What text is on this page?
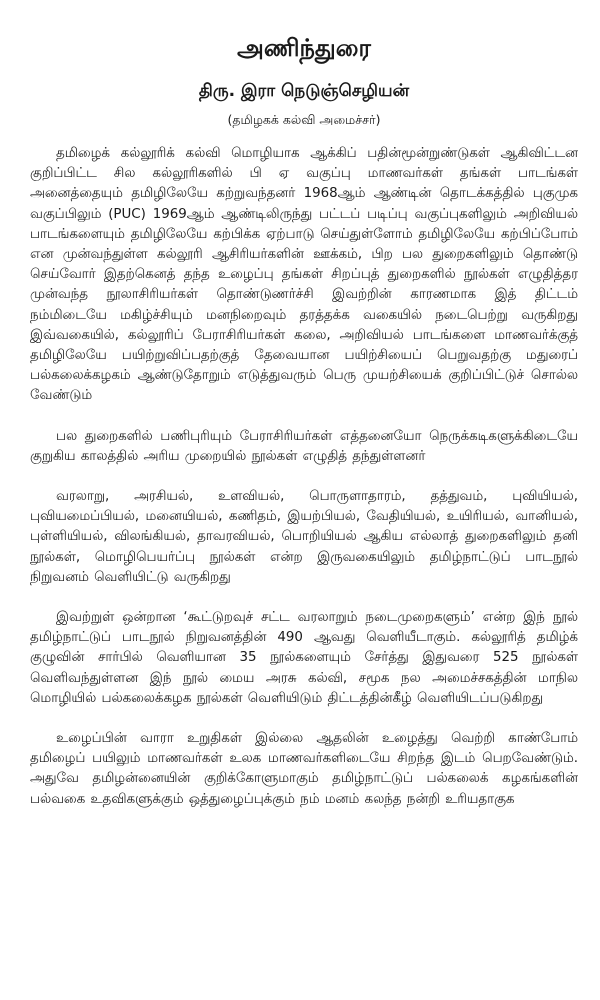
அணிந்துரை
திரு. இரா நெடுஞ்செழியன்
(தமிழகக் கல்வி அமைச்சர்)

தமிழைக் கல்லூரிக் கல்வி மொழியாக ஆக்கிப் பதின்மூன்றுண்டுகள் ஆகிவிட்டன குறிப்பிட்ட சில கல்லூரிகளில் பி ஏ வகுப்பு மாணவர்கள் தங்கள் பாடங்கள் அனைத்தையும் தமிழிலேயே கற்றுவந்தனர் 1968ஆம் ஆண்டின் தொடக்கத்தில் புகுமுக வகுப்பிலும் (PUC) 1969ஆம் ஆண்டிலிருந்து பட்டப் படிப்பு வகுப்புகளிலும் அறிவியல் பாடங்களையும் தமிழிலேயே கற்பிக்க ஏற்பாடு செய்துள்ளோம் தமிழிலேயே கற்பிப்போம் என முன்வந்துள்ள கல்லூரி ஆசிரியர்களின் ஊக்கம், பிற பல துறைகளிலும் தொண்டு செய்வோர் இதற்கெனத் தந்த உழைப்பு தங்கள் சிறப்புத் துறைகளில் நூல்கள் எழுதித்தர முன்வந்த நூலாசிரியர்கள் தொண்டுணர்ச்சி இவற்றின் காரணமாக இத் திட்டம் நம்மிடையே மகிழ்ச்சியும் மனநிறைவும் தரத்தக்க வகையில் நடைபெற்று வருகிறது இவ்வகையில், கல்லூரிப் பேராசிரியர்கள் கலை, அறிவியல் பாடங்களை மாணவர்க்குத் தமிழிலேயே பயிற்றுவிப்பதற்குத் தேவையான பயிற்சியைப் பெறுவதற்கு மதுரைப் பல்கலைக்கழகம் ஆண்டுதோறும் எடுத்துவரும் பெரு முயற்சியைக் குறிப்பிட்டுச் சொல்ல வேண்டும்

பல துறைகளில் பணிபுரியும் பேராசிரியர்கள் எத்தனையோ நெருக்கடிகளுக்கிடையே குறுகிய காலத்தில் அரிய முறையில் நூல்கள் எழுதித் தந்துள்ளனர்

வரலாறு, அரசியல், உளவியல், பொருளாதாரம், தத்துவம், புவியியல், புவியமைப்பியல், மனையியல், கணிதம், இயற்பியல், வேதியியல், உயிரியல், வானியல், புள்ளியியல், விலங்கியல், தாவரவியல், பொறியியல் ஆகிய எல்லாத் துறைகளிலும் தனி நூல்கள், மொழிபெயர்ப்பு நூல்கள் என்ற இருவகையிலும் தமிழ்நாட்டுப் பாடநூல் நிறுவனம் வெளியிட்டு வருகிறது

இவற்றுள் ஒன்றான ‘கூட்டுறவுச் சட்ட வரலாறும் நடைமுறைகளும்’ என்ற இந் நூல் தமிழ்நாட்டுப் பாடநூல் நிறுவனத்தின் 490 ஆவது வெளியீடாகும். கல்லூரித் தமிழ்க் குழுவின் சார்பில் வெளியான 35 நூல்களையும் சேர்த்து இதுவரை 525 நூல்கள் வெளிவந்துள்ளன இந் நூல் மைய அரசு கல்வி, சமூக நல அமைச்சகத்தின் மாநில மொழியில் பல்கலைக்கழக நூல்கள் வெளியிடும் திட்டத்தின்கீழ் வெளியிடப்படுகிறது

உழைப்பின் வாரா உறுதிகள் இல்லை ஆதலின் உழைத்து வெற்றி காண்போம் தமிழைப் பயிலும் மாணவர்கள் உலக மாணவர்களிடையே சிறந்த இடம் பெறவேண்டும். அதுவே தமிழன்னையின் குறிக்கோளுமாகும் தமிழ்நாட்டுப் பல்கலைக் கழகங்களின் பல்வகை உதவிகளுக்கும் ஒத்துழைப்புக்கும் நம் மனம் கலந்த நன்றி உரியதாகுக
